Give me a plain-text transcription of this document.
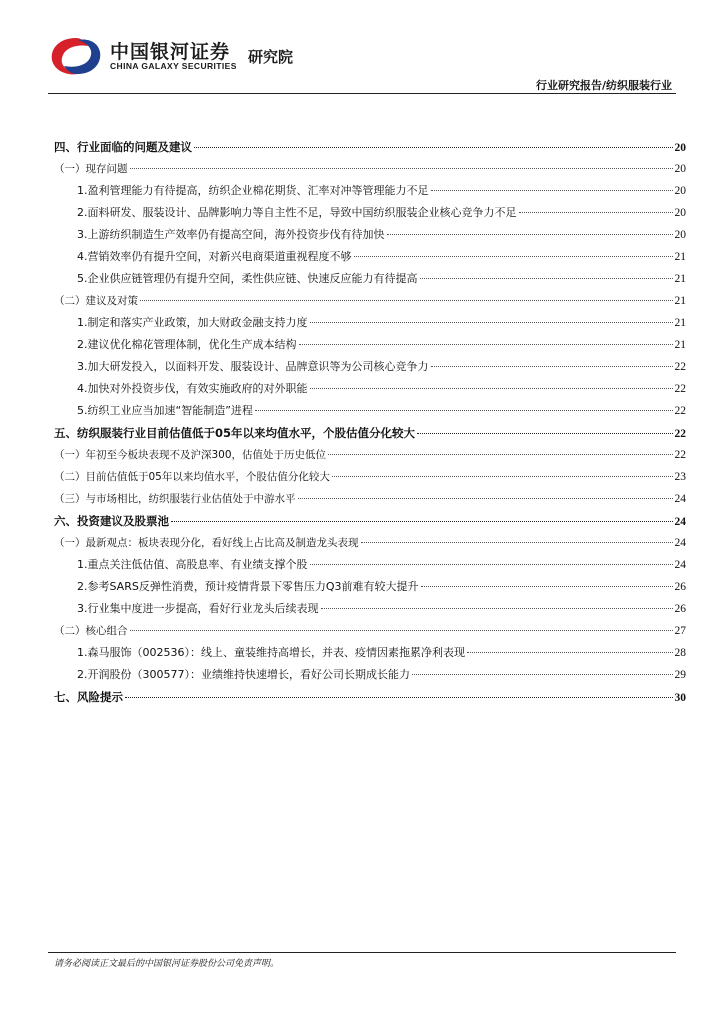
中国银河证券
CHINA GALAXY SECURITIES 研究院
行业研究报告/纺织服装行业
四、行业面临的问题及建议	20
（一）现存问题	20
1.盈利管理能力有待提高，纺织企业棉花期货、汇率对冲等管理能力不足	20
2.面料研发、服装设计、品牌影响力等自主性不足，导致中国纺织服装企业核心竞争力不足	20
3.上游纺织制造生产效率仍有提高空间，海外投资步伐有待加快	20
4.营销效率仍有提升空间，对新兴电商渠道重视程度不够	21
5.企业供应链管理仍有提升空间，柔性供应链、快速反应能力有待提高	21
（二）建议及对策	21
1.制定和落实产业政策，加大财政金融支持力度	21
2.建议优化棉花管理体制，优化生产成本结构	21
3.加大研发投入，以面料开发、服装设计、品牌意识等为公司核心竞争力	22
4.加快对外投资步伐，有效实施政府的对外职能	22
5.纺织工业应当加速“智能制造”进程	22
五、纺织服装行业目前估值低于05年以来均值水平，个股估值分化较大	22
（一）年初至今板块表现不及沪深300，估值处于历史低位	22
（二）目前估值低于05年以来均值水平，个股估值分化较大	23
（三）与市场相比，纺织服装行业估值处于中游水平	24
六、投资建议及股票池	24
（一）最新观点：板块表现分化，看好线上占比高及制造龙头表现	24
1.重点关注低估值、高股息率、有业绩支撑个股	24
2.参考SARS反弹性消费，预计疫情背景下零售压力Q3前难有较大提升	26
3.行业集中度进一步提高，看好行业龙头后续表现	26
（二）核心组合	27
1.森马服饰（002536）：线上、童装维持高增长，并表、疫情因素拖累净利表现	28
2.开润股份（300577）：业绩维持快速增长，看好公司长期成长能力	29
七、风险提示	30
请务必阅读正文最后的中国银河证券股份公司免责声明。
